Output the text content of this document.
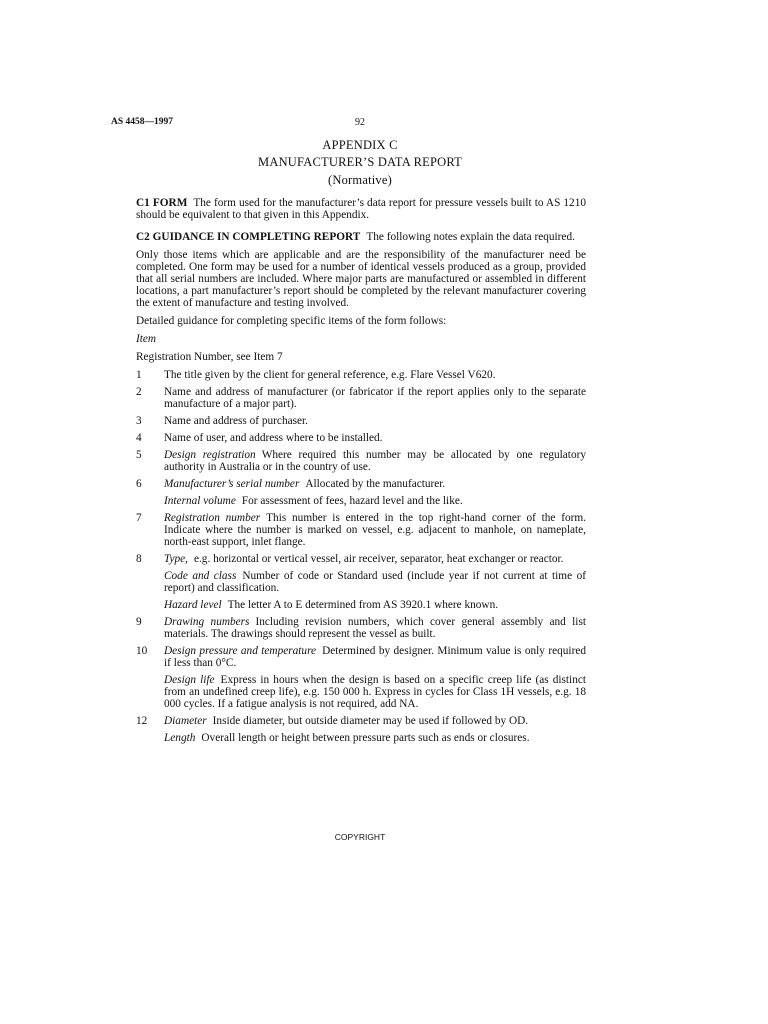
AS 4458—1997	92
APPENDIX C
MANUFACTURER’S DATA REPORT
(Normative)

C1 FORM The form used for the manufacturer’s data report for pressure vessels built to AS 1210 should be equivalent to that given in this Appendix.

C2 GUIDANCE IN COMPLETING REPORT The following notes explain the data required.

Only those items which are applicable and are the responsibility of the manufacturer need be completed. One form may be used for a number of identical vessels produced as a group, provided that all serial numbers are included. Where major parts are manufactured or assembled in different locations, a part manufacturer’s report should be completed by the relevant manufacturer covering the extent of manufacture and testing involved.

Detailed guidance for completing specific items of the form follows:

Item

Registration Number, see Item 7

1	The title given by the client for general reference, e.g. Flare Vessel V620.
2	Name and address of manufacturer (or fabricator if the report applies only to the separate manufacture of a major part).
3	Name and address of purchaser.
4	Name of user, and address where to be installed.
5	Design registration Where required this number may be allocated by one regulatory authority in Australia or in the country of use.
6	Manufacturer’s serial number Allocated by the manufacturer.
Internal volume For assessment of fees, hazard level and the like.
7	Registration number This number is entered in the top right-hand corner of the form. Indicate where the number is marked on vessel, e.g. adjacent to manhole, on nameplate, north-east support, inlet flange.
8	Type, e.g. horizontal or vertical vessel, air receiver, separator, heat exchanger or reactor.
Code and class Number of code or Standard used (include year if not current at time of report) and classification.
Hazard level The letter A to E determined from AS 3920.1 where known.
9	Drawing numbers Including revision numbers, which cover general assembly and list materials. The drawings should represent the vessel as built.
10	Design pressure and temperature Determined by designer. Minimum value is only required if less than 0°C.
Design life Express in hours when the design is based on a specific creep life (as distinct from an undefined creep life), e.g. 150 000 h. Express in cycles for Class 1H vessels, e.g. 18 000 cycles. If a fatigue analysis is not required, add NA.
12	Diameter Inside diameter, but outside diameter may be used if followed by OD.
Length Overall length or height between pressure parts such as ends or closures.
COPYRIGHT
